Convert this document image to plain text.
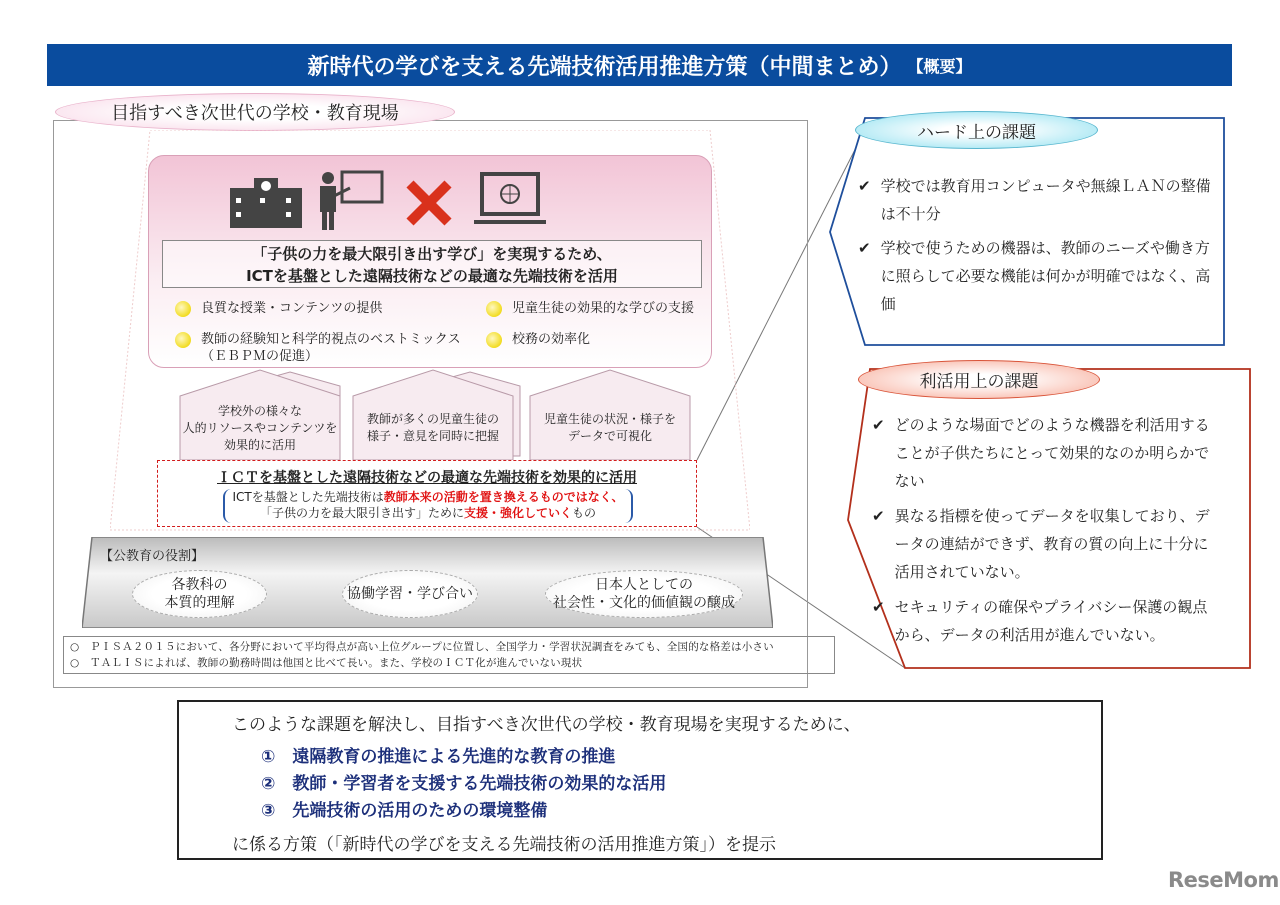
新時代の学びを支える先端技術活用推進方策（中間まとめ） 【概要】
目指すべき次世代の学校・教育現場
学校外の様々な
人的リソースやコンテンツを
効果的に活用
教師が多くの児童生徒の
様子・意見を同時に把握
児童生徒の状況・様子を
データで可視化
「子供の力を最大限引き出す学び」を実現するため、
ICTを基盤とした遠隔技術などの最適な先端技術を活用
良質な授業・コンテンツの提供	児童生徒の効果的な学びの支援
教師の経験知と科学的視点のベストミックス
（ＥＢＰＭの促進）
校務の効率化
ＩＣＴを基盤とした遠隔技術などの最適な先端技術を効果的に活用
ICTを基盤とした先端技術は教師本来の活動を置き換えるものではなく、
「子供の力を最大限引き出す」ために支援・強化していくもの
【公教育の役割】
各教科の
本質的理解
協働学習・学び合い
日本人としての
社会性・文化的価値観の醸成
○　ＰＩＳＡ２０１５において、各分野において平均得点が高い上位グループに位置し、全国学力・学習状況調査をみても、全国的な格差は小さい
○　ＴＡＬＩＳによれば、教師の勤務時間は他国と比べて長い。また、学校のＩＣＴ化が進んでいない現状
ハード上の課題
✔ 学校では教育用コンピュータや無線ＬＡＮの整備は不十分
✔ 学校で使うための機器は、教師のニーズや働き方に照らして必要な機能は何かが明確ではなく、高価
利活用上の課題
✔ どのような場面でどのような機器を利活用することが子供たちにとって効果的なのか明らかでない
✔ 異なる指標を使ってデータを収集しており、データの連結ができず、教育の質の向上に十分に活用されていない。
✔ セキュリティの確保やプライバシー保護の観点から、データの利活用が進んでいない。
このような課題を解決し、目指すべき次世代の学校・教育現場を実現するために、
①　 遠隔教育の推進による先進的な教育の推進
②　 教師・学習者を支援する先端技術の効果的な活用
③　 先端技術の活用のための環境整備
に係る方策（「新時代の学びを支える先端技術の活用推進方策」）を提示
ReseMom
